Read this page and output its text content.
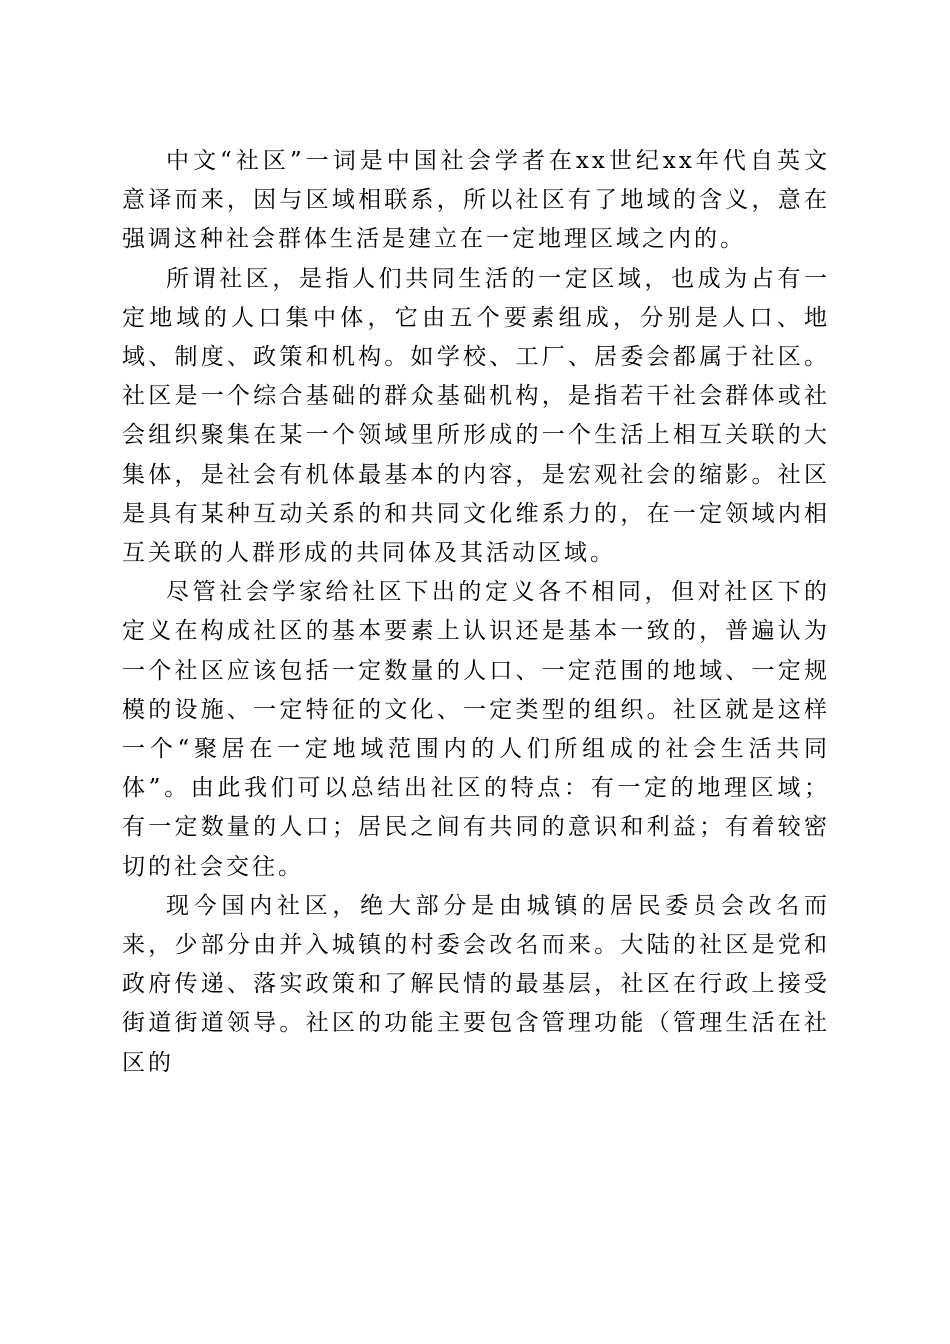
中文“社区”一词是中国社会学者在xx世纪xx年代自英文意译而来，因与区域相联系，所以社区有了地域的含义，意在强调这种社会群体生活是建立在一定地理区域之内的。

所谓社区，是指人们共同生活的一定区域，也成为占有一定地域的人口集中体，它由五个要素组成，分别是人口、地域、制度、政策和机构。如学校、工厂、居委会都属于社区。社区是一个综合基础的群众基础机构，是指若干社会群体或社会组织聚集在某一个领域里所形成的一个生活上相互关联的大集体，是社会有机体最基本的内容，是宏观社会的缩影。社区是具有某种互动关系的和共同文化维系力的，在一定领域内相互关联的人群形成的共同体及其活动区域。

尽管社会学家给社区下出的定义各不相同，但对社区下的定义在构成社区的基本要素上认识还是基本一致的，普遍认为一个社区应该包括一定数量的人口、一定范围的地域、一定规模的设施、一定特征的文化、一定类型的组织。社区就是这样一个“聚居在一定地域范围内的人们所组成的社会生活共同体”。由此我们可以总结出社区的特点：有一定的地理区域；有一定数量的人口；居民之间有共同的意识和利益；有着较密切的社会交往。

现今国内社区，绝大部分是由城镇的居民委员会改名而来，少部分由并入城镇的村委会改名而来。大陆的社区是党和政府传递、落实政策和了解民情的最基层，社区在行政上接受街道街道领导。社区的功能主要包含管理功能（管理生活在社区的
